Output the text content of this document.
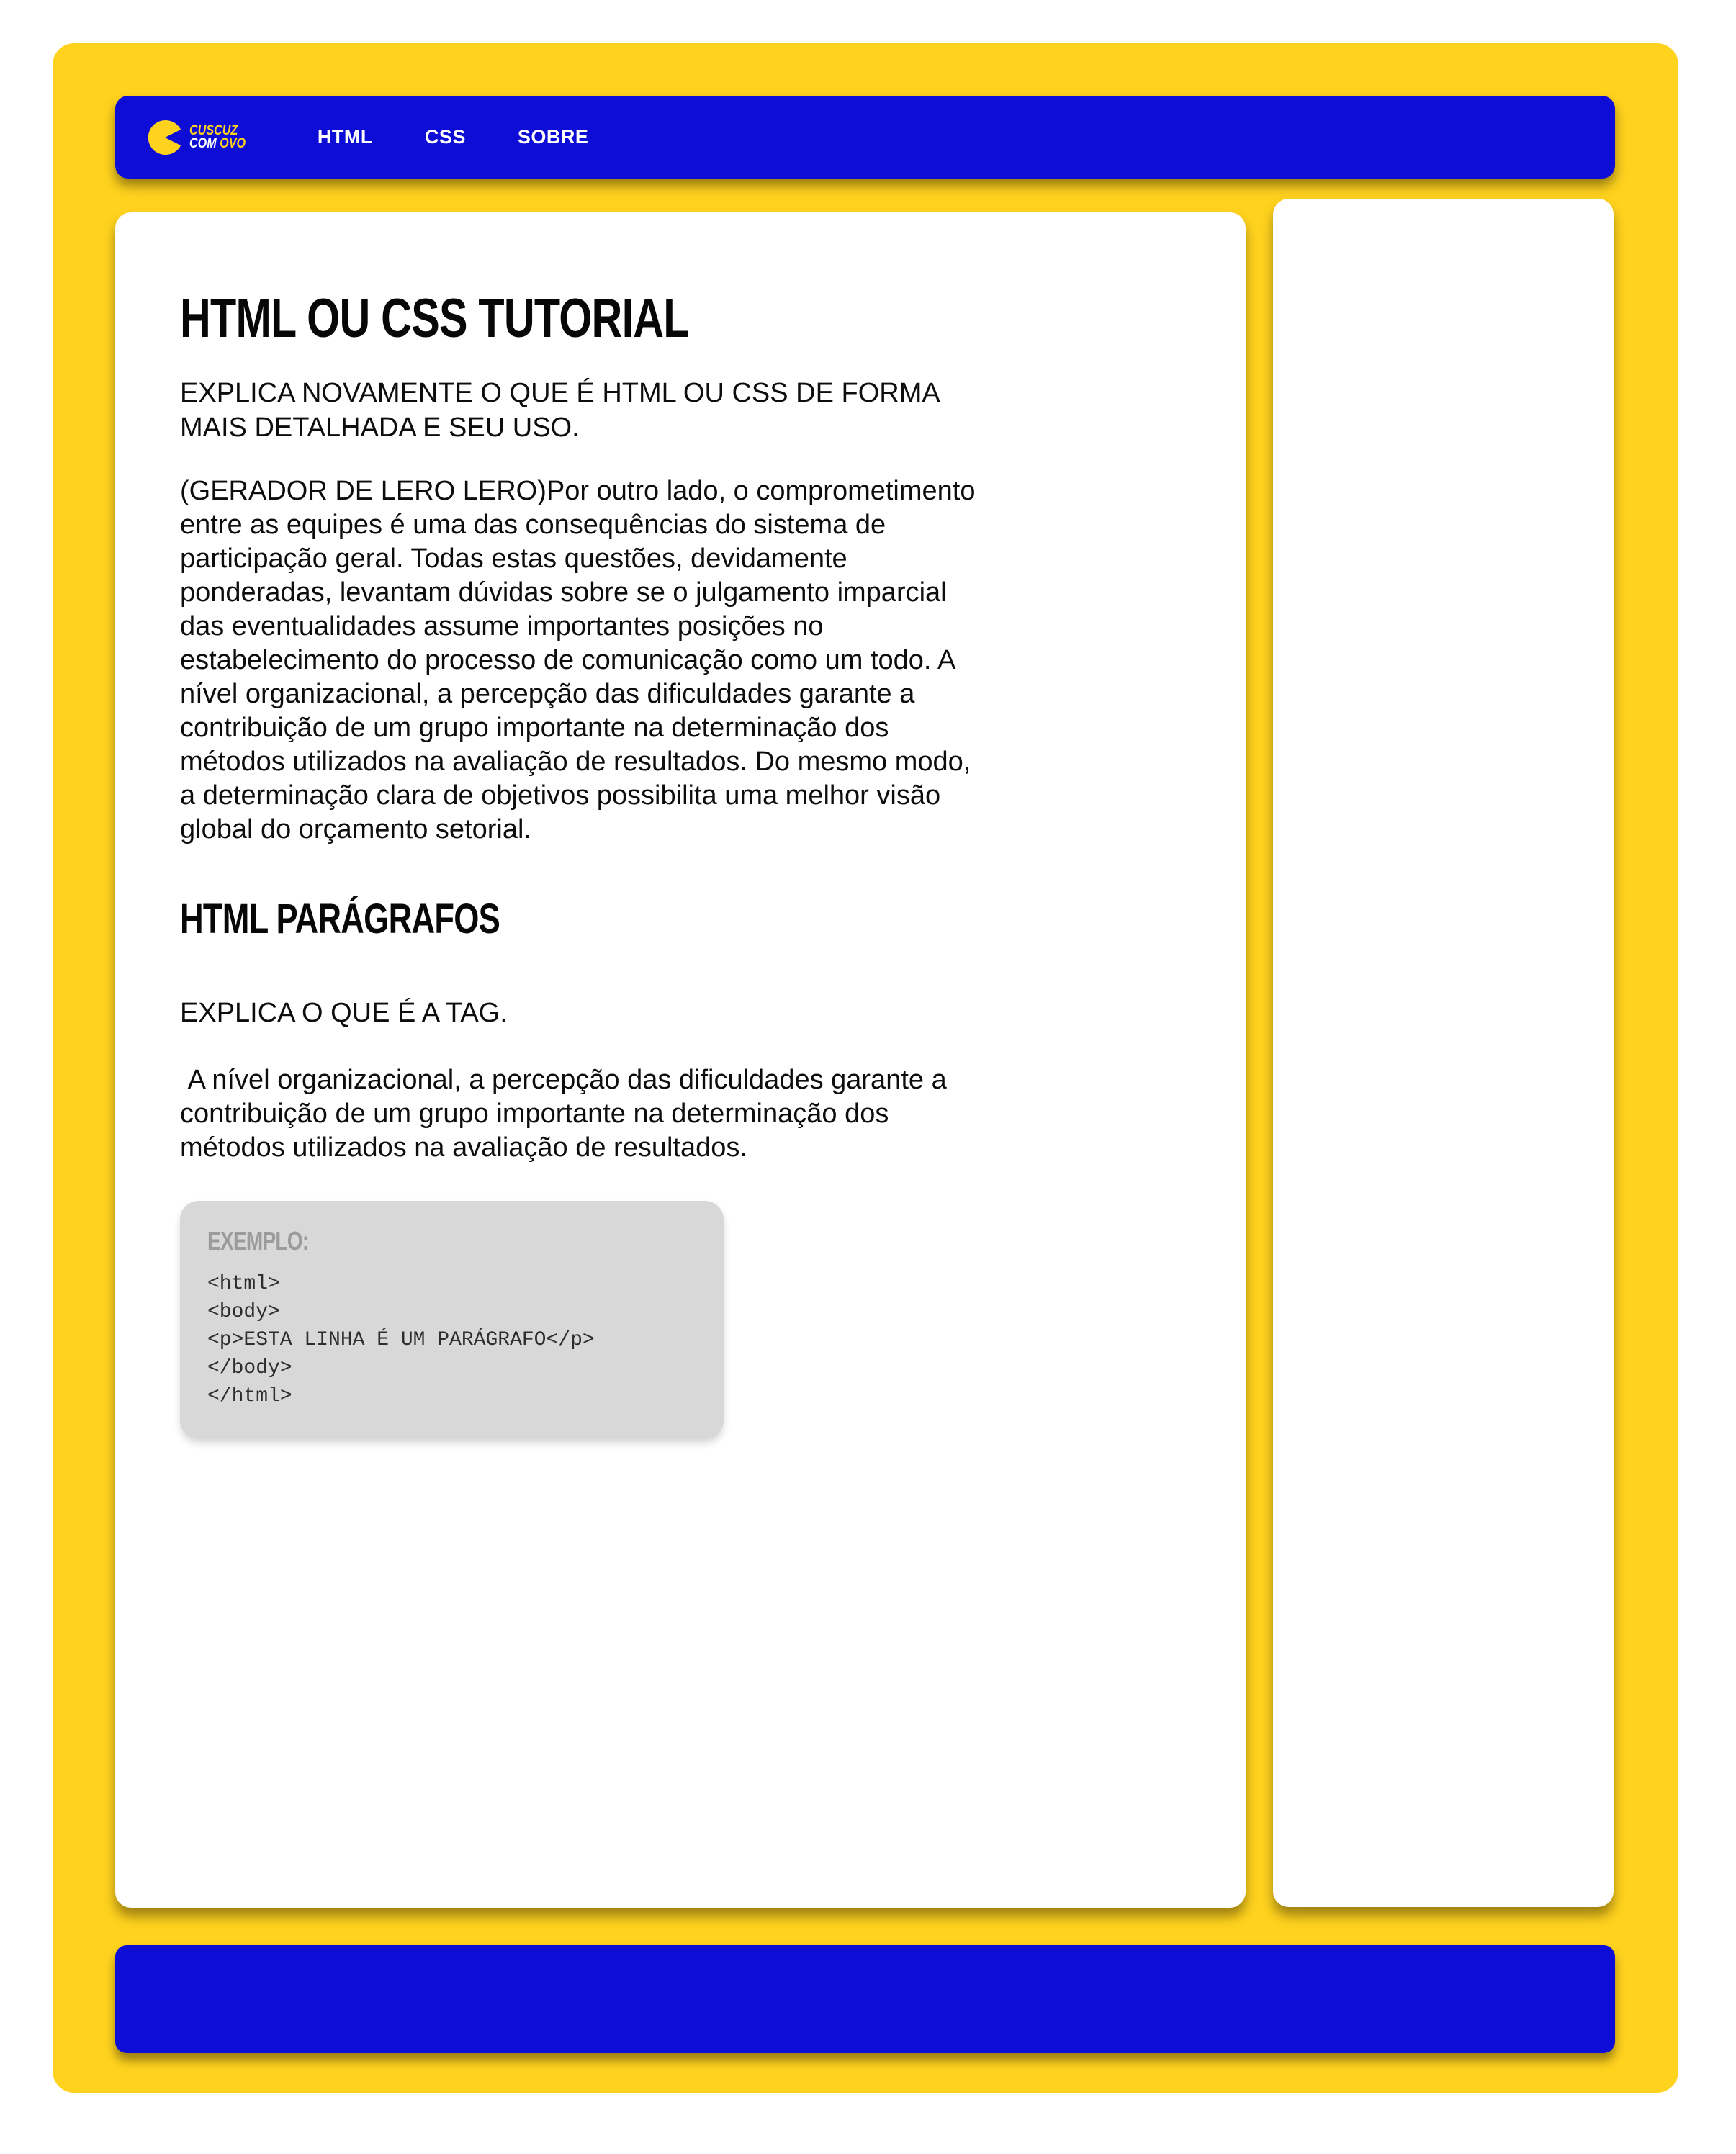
CUSCUZ
COM OVO	HTML	CSS	SOBRE
HTML OU CSS TUTORIAL

EXPLICA NOVAMENTE O QUE É HTML OU CSS DE FORMA MAIS DETALHADA E SEU USO.

(GERADOR DE LERO LERO)Por outro lado, o comprometimento entre as equipes é uma das consequências do sistema de participação geral. Todas estas questões, devidamente ponderadas, levantam dúvidas sobre se o julgamento imparcial das eventualidades assume importantes posições no estabelecimento do processo de comunicação como um todo. A nível organizacional, a percepção das dificuldades garante a contribuição de um grupo importante na determinação dos métodos utilizados na avaliação de resultados. Do mesmo modo, a determinação clara de objetivos possibilita uma melhor visão global do orçamento setorial.

HTML PARÁGRAFOS

EXPLICA O QUE É A TAG.

A nível organizacional, a percepção das dificuldades garante a contribuição de um grupo importante na determinação dos métodos utilizados na avaliação de resultados.

EXEMPLO:
<html>
<body>
<p>ESTA LINHA É UM PARÁGRAFO</p>
</body>
</html>
